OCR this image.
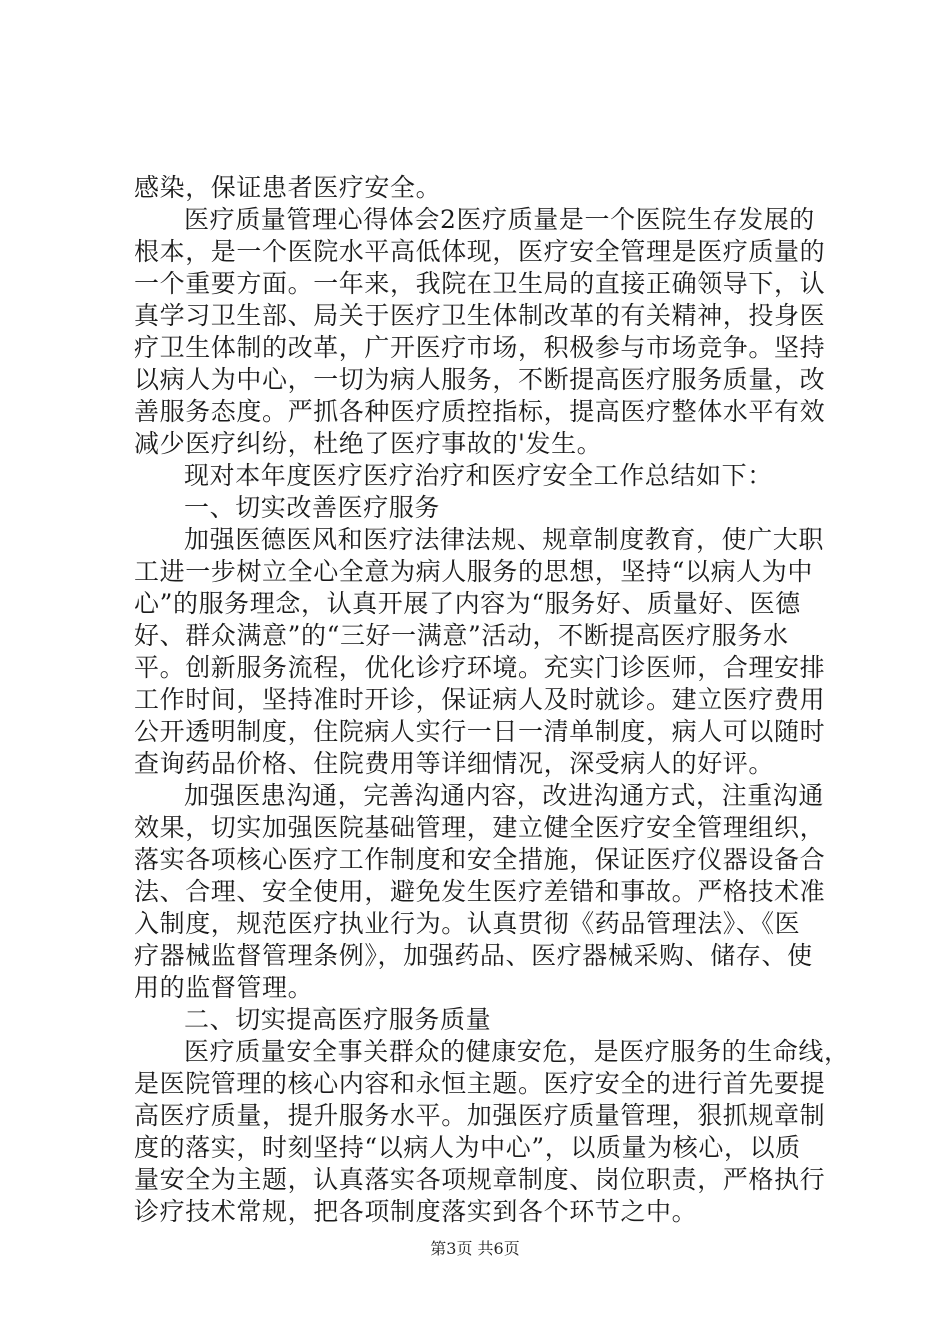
感染，保证患者医疗安全。
医疗质量管理心得体会2医疗质量是一个医院生存发展的
根本，是一个医院水平高低体现，医疗安全管理是医疗质量的
一个重要方面。一年来，我院在卫生局的直接正确领导下，认
真学习卫生部、局关于医疗卫生体制改革的有关精神，投身医
疗卫生体制的改革，广开医疗市场，积极参与市场竞争。坚持
以病人为中心，一切为病人服务，不断提高医疗服务质量，改
善服务态度。严抓各种医疗质控指标，提高医疗整体水平有效
减少医疗纠纷，杜绝了医疗事故的'发生。
现对本年度医疗医疗治疗和医疗安全工作总结如下：
一、切实改善医疗服务
加强医德医风和医疗法律法规、规章制度教育，使广大职
工进一步树立全心全意为病人服务的思想，坚持“以病人为中
心”的服务理念，认真开展了内容为“服务好、质量好、医德
好、群众满意”的“三好一满意”活动，不断提高医疗服务水
平。创新服务流程，优化诊疗环境。充实门诊医师，合理安排
工作时间，坚持准时开诊，保证病人及时就诊。建立医疗费用
公开透明制度，住院病人实行一日一清单制度，病人可以随时
查询药品价格、住院费用等详细情况，深受病人的好评。
加强医患沟通，完善沟通内容，改进沟通方式，注重沟通
效果，切实加强医院基础管理，建立健全医疗安全管理组织，
落实各项核心医疗工作制度和安全措施，保证医疗仪器设备合
法、合理、安全使用，避免发生医疗差错和事故。严格技术准
入制度，规范医疗执业行为。认真贯彻《药品管理法》、《医
疗器械监督管理条例》，加强药品、医疗器械采购、储存、使
用的监督管理。
二、切实提高医疗服务质量
医疗质量安全事关群众的健康安危，是医疗服务的生命线，
是医院管理的核心内容和永恒主题。医疗安全的进行首先要提
高医疗质量，提升服务水平。加强医疗质量管理，狠抓规章制
度的落实，时刻坚持“以病人为中心”，以质量为核心，以质
量安全为主题，认真落实各项规章制度、岗位职责，严格执行
诊疗技术常规，把各项制度落实到各个环节之中。
第3页 共6页
